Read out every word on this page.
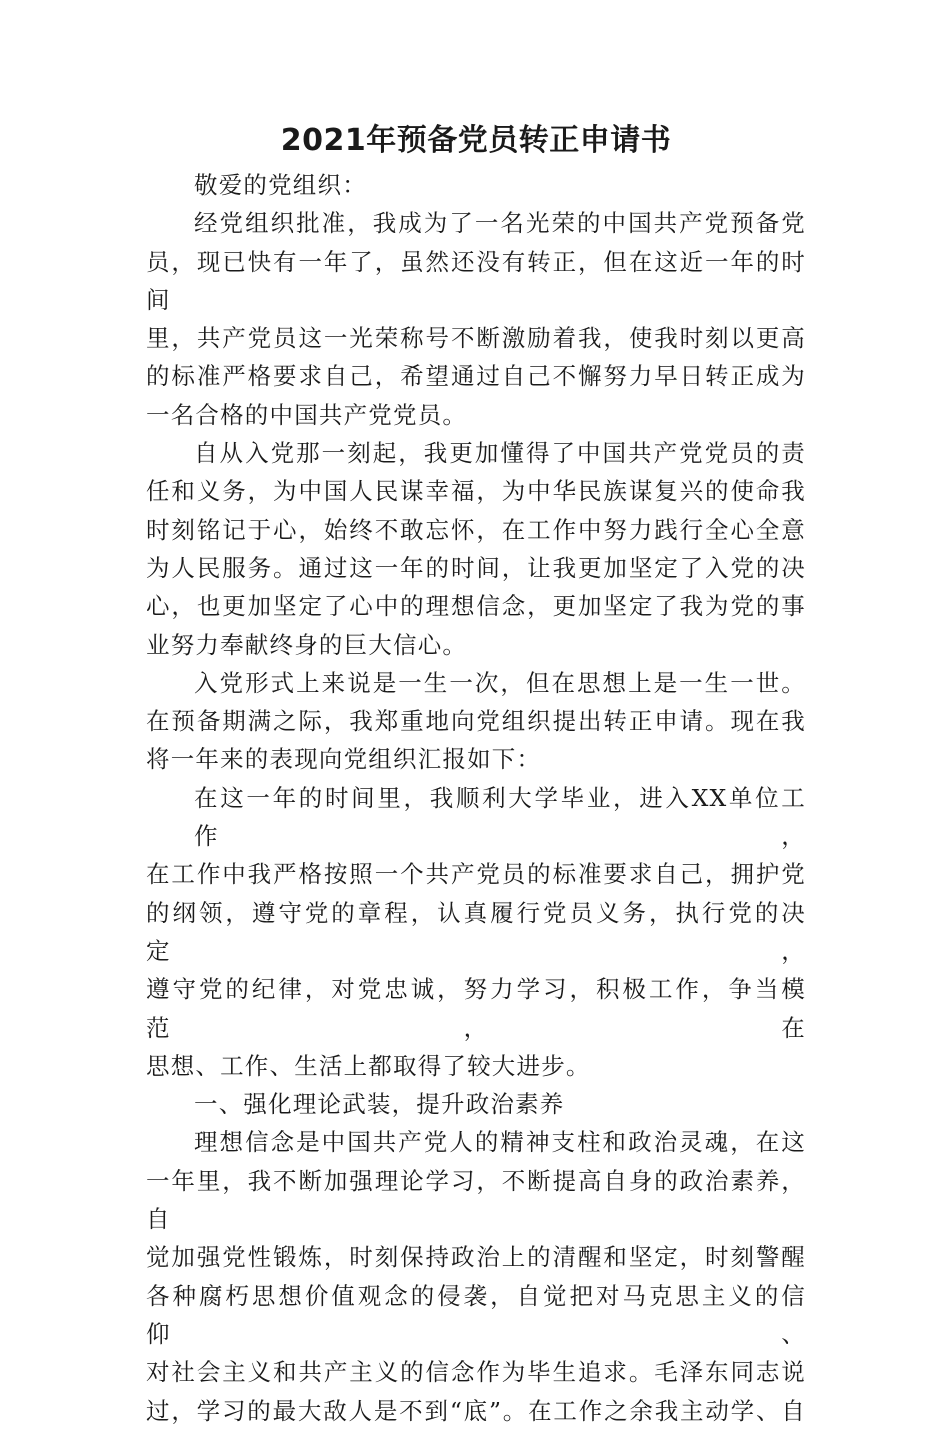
2021年预备党员转正申请书
敬爱的党组织：
经党组织批准，我成为了一名光荣的中国共产党预备党
员，现已快有一年了，虽然还没有转正，但在这近一年的时间
里，共产党员这一光荣称号不断激励着我，使我时刻以更高
的标准严格要求自己，希望通过自己不懈努力早日转正成为
一名合格的中国共产党党员。
自从入党那一刻起，我更加懂得了中国共产党党员的责
任和义务，为中国人民谋幸福，为中华民族谋复兴的使命我
时刻铭记于心，始终不敢忘怀，在工作中努力践行全心全意
为人民服务。通过这一年的时间，让我更加坚定了入党的决
心，也更加坚定了心中的理想信念，更加坚定了我为党的事
业努力奉献终身的巨大信心。
入党形式上来说是一生一次，但在思想上是一生一世。
在预备期满之际，我郑重地向党组织提出转正申请。现在我
将一年来的表现向党组织汇报如下：
在这一年的时间里，我顺利大学毕业，进入XX单位工作，
在工作中我严格按照一个共产党员的标准要求自己，拥护党
的纲领，遵守党的章程，认真履行党员义务，执行党的决定，
遵守党的纪律，对党忠诚，努力学习，积极工作，争当模范，在
思想、工作、生活上都取得了较大进步。
一、强化理论武装，提升政治素养
理想信念是中国共产党人的精神支柱和政治灵魂，在这
一年里，我不断加强理论学习，不断提高自身的政治素养，自
觉加强党性锻炼，时刻保持政治上的清醒和坚定，时刻警醒
各种腐朽思想价值观念的侵袭，自觉把对马克思主义的信仰、
对社会主义和共产主义的信念作为毕生追求。毛泽东同志说
过，学习的最大敌人是不到“底”。在工作之余我主动学、自
